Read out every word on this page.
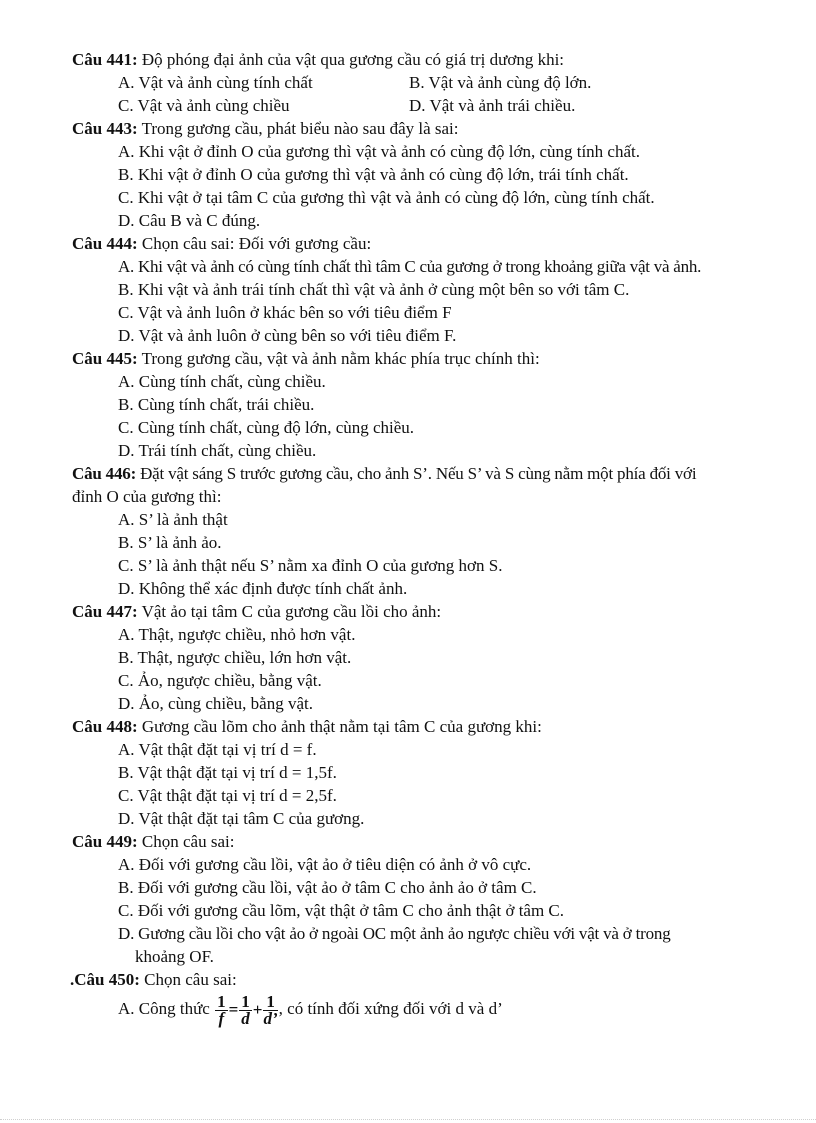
Câu 441: Độ phóng đại ảnh của vật qua gương cầu có giá trị dương khi:
A. Vật và ảnh cùng tính chất	B. Vật và ảnh cùng độ lớn.
C. Vật và ảnh cùng chiều	D. Vật và ảnh trái chiều.
Câu 443: Trong gương cầu, phát biểu nào sau đây là sai:
A. Khi vật ở đỉnh O của gương thì vật và ảnh có cùng độ lớn, cùng tính chất.
B. Khi vật ở đỉnh O của gương thì vật và ảnh có cùng độ lớn, trái tính chất.
C. Khi vật ở tại tâm C của gương thì vật và ảnh có cùng độ lớn, cùng tính chất.
D. Câu B và C đúng.
Câu 444: Chọn câu sai: Đối với gương cầu:
A. Khi vật và ảnh có cùng tính chất thì tâm C của gương ở trong khoảng giữa vật và ảnh.
B. Khi vật và ảnh trái tính chất thì vật và ảnh ở cùng một bên so với tâm C.
C. Vật và ảnh luôn ở khác bên so với tiêu điểm F
D. Vật và ảnh luôn ở cùng bên so với tiêu điểm F.
Câu 445: Trong gương cầu, vật và ảnh nằm khác phía trục chính thì:
A. Cùng tính chất, cùng chiều.
B. Cùng tính chất, trái chiều.
C. Cùng tính chất, cùng độ lớn, cùng chiều.
D. Trái tính chất, cùng chiều.
Câu 446: Đặt vật sáng S trước gương cầu, cho ảnh S’. Nếu S’ và S cùng nằm một phía đối với
đỉnh O của gương thì:
A. S’ là ảnh thật
B. S’ là ảnh ảo.
C. S’ là ảnh thật nếu S’ nằm xa đỉnh O của gương hơn S.
D. Không thể xác định được tính chất ảnh.
Câu 447: Vật ảo tại tâm C của gương cầu lồi cho ảnh:
A. Thật, ngược chiều, nhỏ hơn vật.
B. Thật, ngược chiều, lớn hơn vật.
C. Ảo, ngược chiều, bằng vật.
D. Ảo, cùng chiều, bằng vật.
Câu 448: Gương cầu lõm cho ảnh thật nằm tại tâm C của gương khi:
A. Vật thật đặt tại vị trí d = f.
B. Vật thật đặt tại vị trí d = 1,5f.
C. Vật thật đặt tại vị trí d = 2,5f.
D. Vật thật đặt tại tâm C của gương.
Câu 449: Chọn câu sai:
A. Đối với gương cầu lồi, vật ảo ở tiêu diện có ảnh ở vô cực.
B. Đối với gương cầu lồi, vật ảo ở tâm C cho ảnh ảo ở tâm C.
C. Đối với gương cầu lõm, vật thật ở tâm C cho ảnh thật ở tâm C.
D. Gương cầu lồi cho vật ảo ở ngoài OC một ảnh ảo ngược chiều với vật và ở trong
khoảng OF.
.Câu 450: Chọn câu sai:
A. Công thức $\frac{1}{f} = \frac{1}{d} + \frac{1}{d’}$ , có tính đối xứng đối với d và d’
